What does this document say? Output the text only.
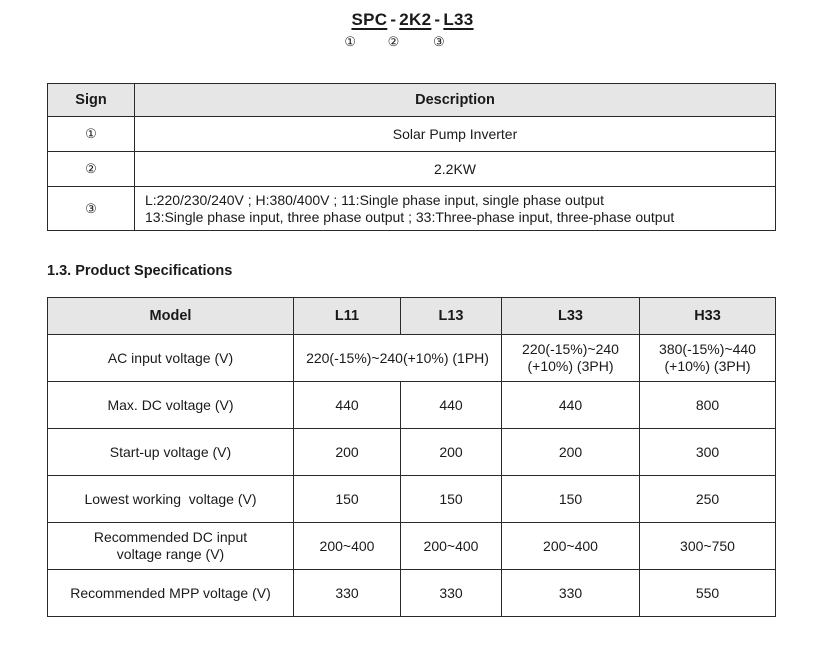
SPC - 2K2 - L33
① ②	③
Sign	Description
①	Solar Pump Inverter
②	2.2KW
③	L:220/230/240V ; H:380/400V ; 11:Single phase input, single phase output
13:Single phase input, three phase output ; 33:Three-phase input, three-phase output
1.3. Product Specifications
Model	L11	L13	L33	H33
AC input voltage (V)	220(-15%)~240(+10%) (1PH)		220(-15%)~240 (+10%) (3PH)	380(-15%)~440 (+10%) (3PH)
Max. DC voltage (V)	440	440	440	800
Start-up voltage (V)	200	200	200	300
Lowest working  voltage (V)	150	150	150	250
Recommended DC input voltage range (V)	200~400	200~400	200~400	300~750
Recommended MPP voltage (V)	330	330	330	550
